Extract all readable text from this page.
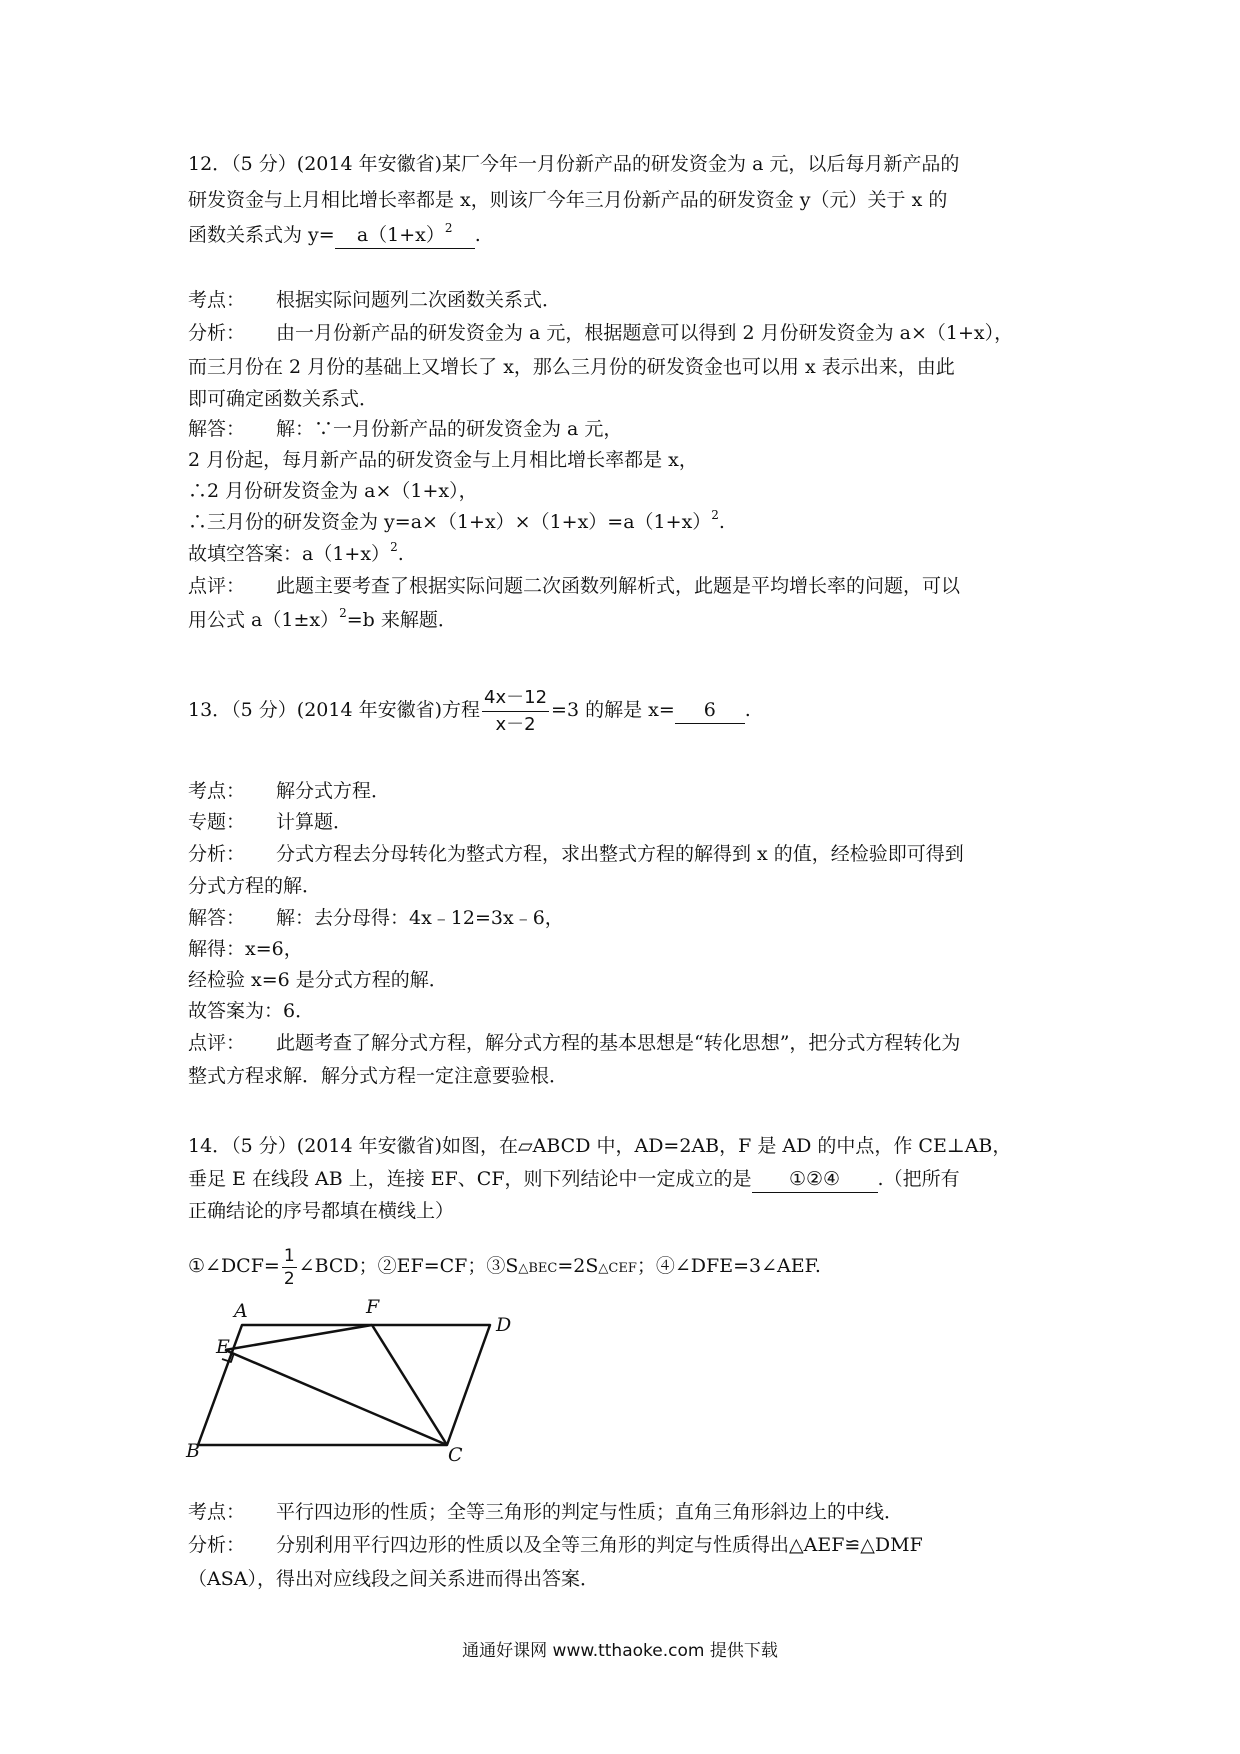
12．（5 分）(2014 年安徽省)某厂今年一月份新产品的研发资金为 a 元，以后每月新产品的
研发资金与上月相比增长率都是 x，则该厂今年三月份新产品的研发资金 y（元）关于 x 的
函数关系式为 $y= a(1+x)^2$ .
考点： 根据实际问题列二次函数关系式．
分析： 由一月份新产品的研发资金为 a 元，根据题意可以得到 2 月份研发资金为 a×（1+x），
而三月份在 2 月份的基础上又增长了 x，那么三月份的研发资金也可以用 x 表示出来，由此
即可确定函数关系式．
解答： 解：∵一月份新产品的研发资金为 a 元，
2 月份起，每月新产品的研发资金与上月相比增长率都是 x，
∴2 月份研发资金为 a×（1+x），
∴三月份的研发资金为 $y=a\times(1+x)\times(1+x)=a(1+x)^2$.
故填空答案：$a(1+x)^2$.
点评： 此题主要考查了根据实际问题二次函数列解析式，此题是平均增长率的问题，可以
用公式 $a(1\pm x)^2=b$ 来解题．
13．（5 分）(2014 年安徽省)方程 $\frac{4x-12}{x-2} =3$ 的解是 x= 6 .
考点： 解分式方程．
专题： 计算题．
分析： 分式方程去分母转化为整式方程，求出整式方程的解得到 x 的值，经检验即可得到
分式方程的解．
解答： 解：去分母得：4x﹣12=3x﹣6，
解得：x=6，
经检验 x=6 是分式方程的解．
故答案为：6．
点评： 此题考查了解分式方程，解分式方程的基本思想是“转化思想”，把分式方程转化为
整式方程求解．解分式方程一定注意要验根．
14．（5 分）(2014 年安徽省)如图，在▱ABCD 中，AD=2AB，F 是 AD 的中点，作 CE⊥AB，
垂足 E 在线段 AB 上，连接 EF、CF，则下列结论中一定成立的是 ①②④ .（把所有
正确结论的序号都填在横线上）
①∠DCF= $\frac{1}{2}$ ∠BCD；②EF=CF；③S△BEC=2S△CEF；④∠DFE=3∠AEF.
A	F
D
E
B	C
考点： 平行四边形的性质；全等三角形的判定与性质；直角三角形斜边上的中线．
分析： 分别利用平行四边形的性质以及全等三角形的判定与性质得出△AEF≌△DMF
（ASA），得出对应线段之间关系进而得出答案．
通通好课网 www.tthaoke.com 提供下载
